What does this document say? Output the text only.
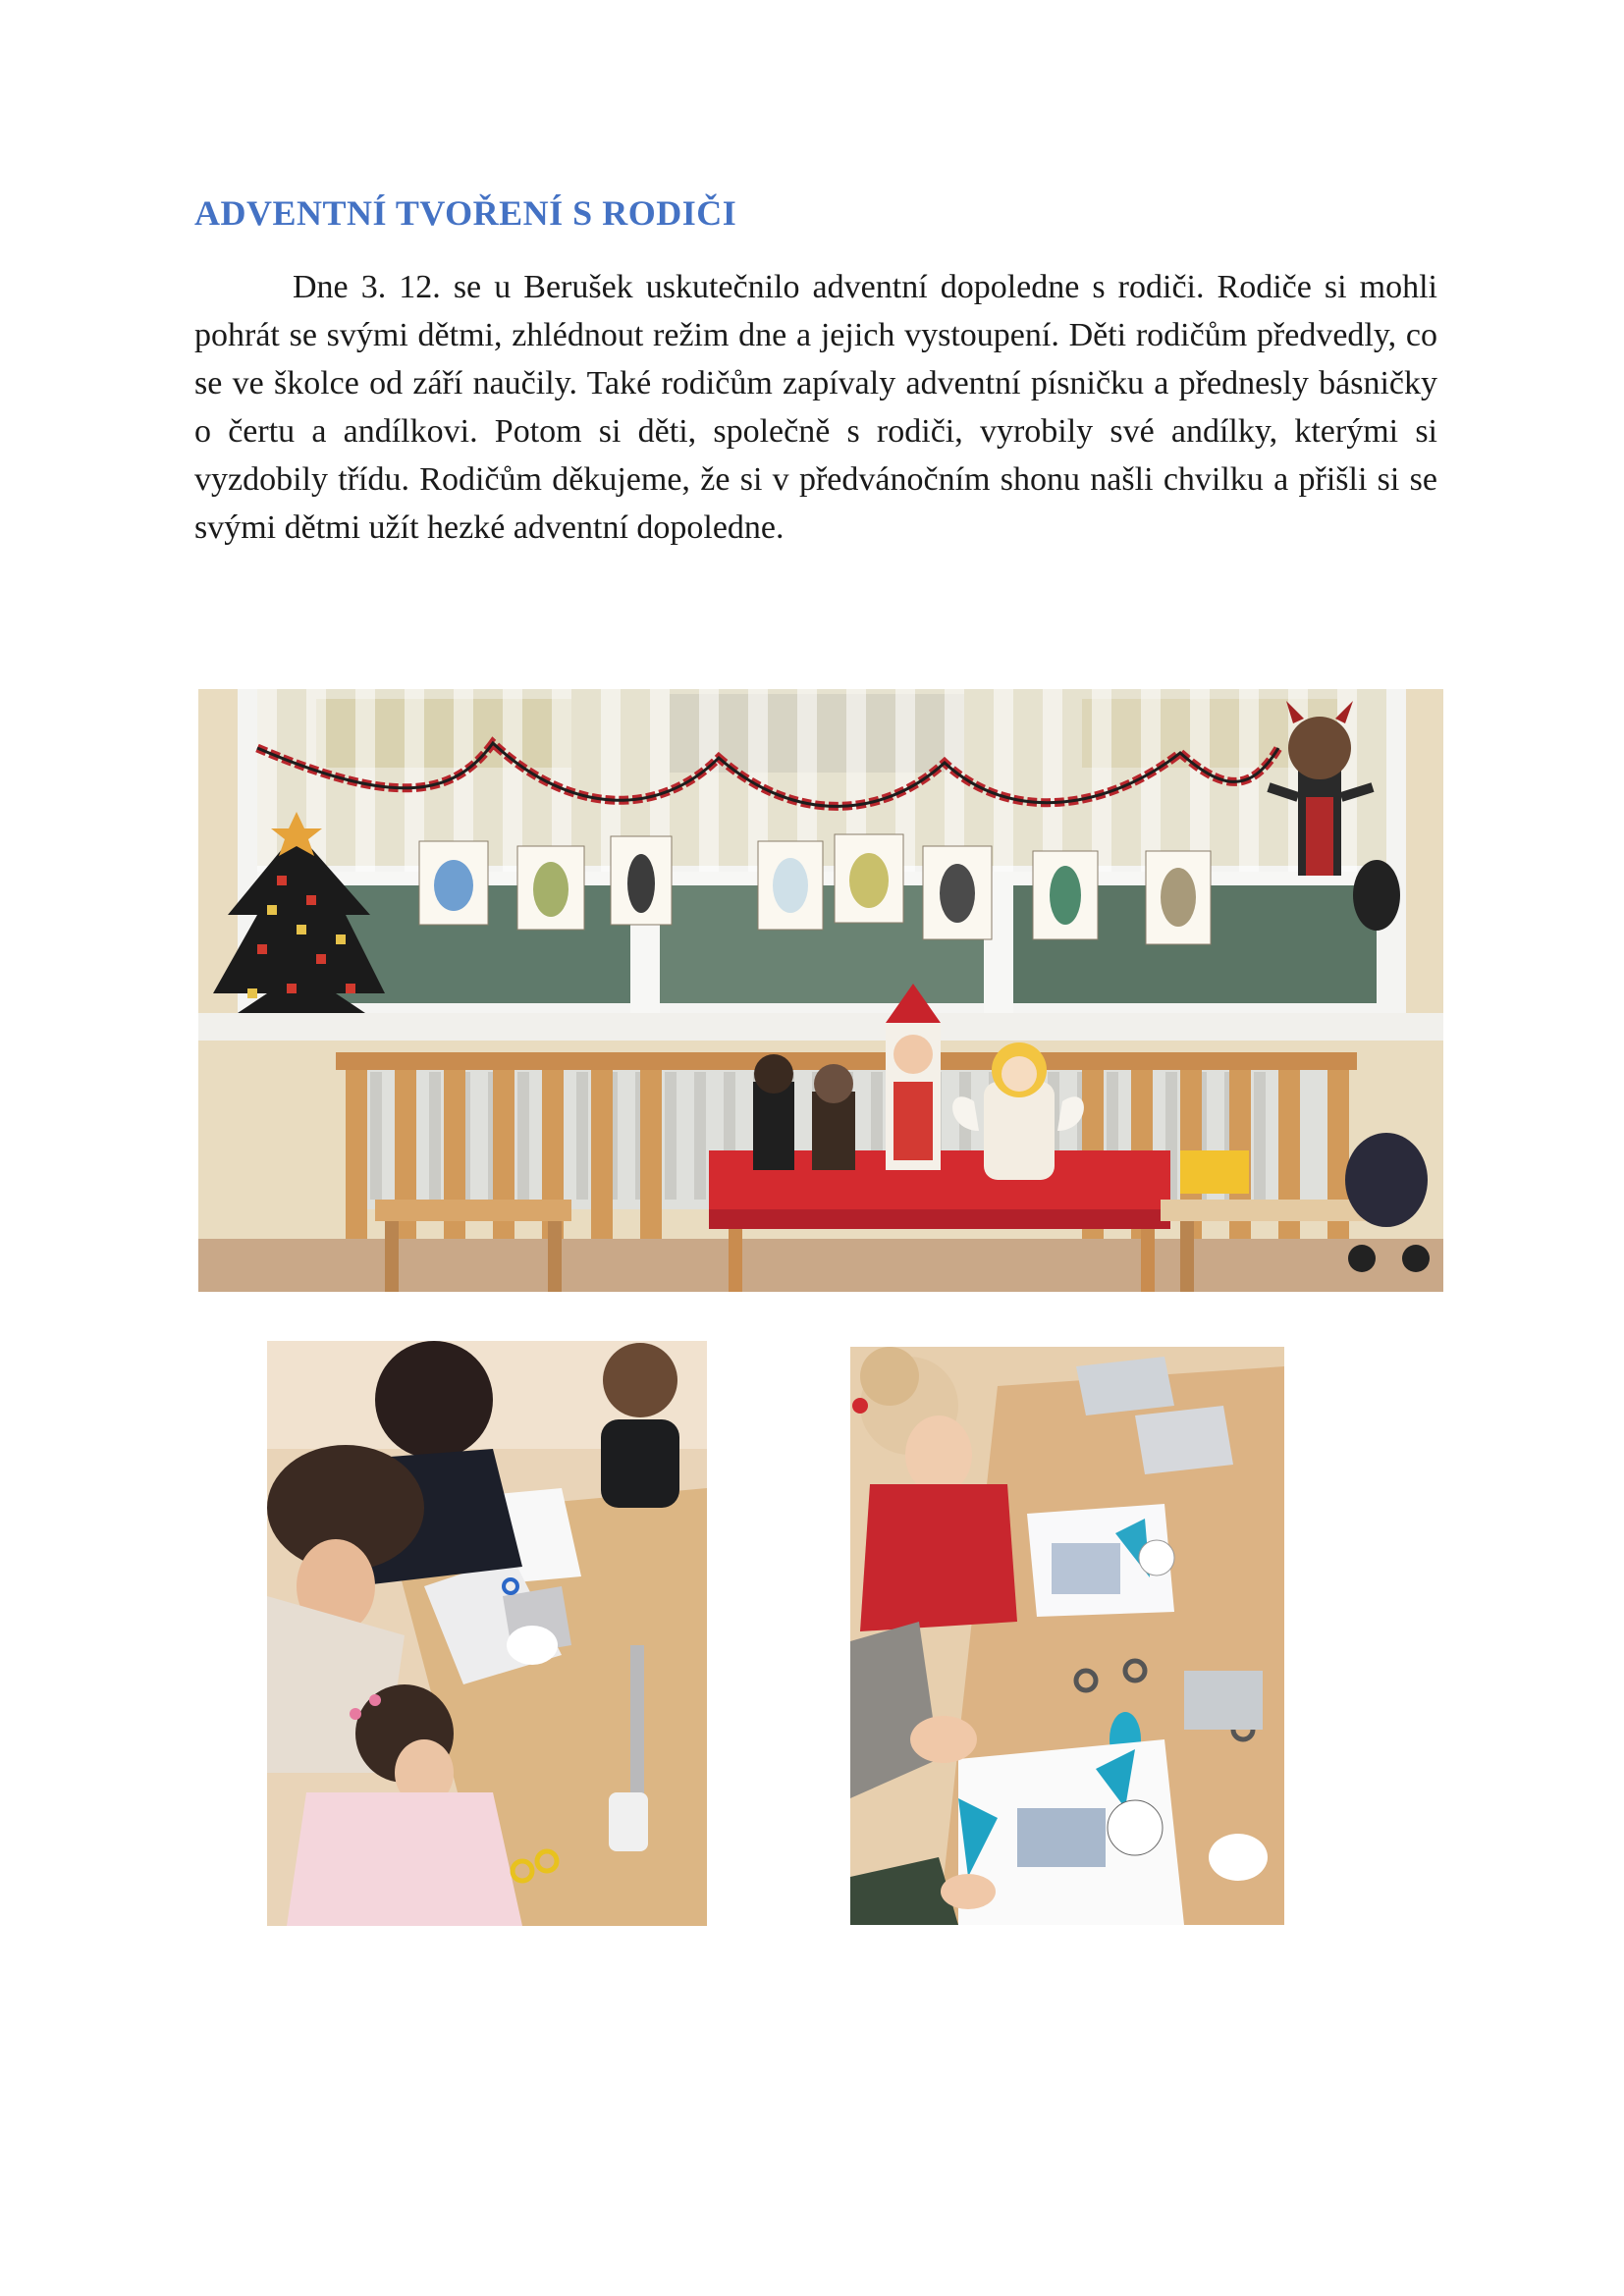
ADVENTNÍ TVOŘENÍ S RODIČI

Dne 3. 12. se u Berušek uskutečnilo adventní dopoledne s rodiči. Rodiče si mohli pohrát se svými dětmi, zhlédnout režim dne a jejich vystoupení. Děti rodičům předvedly, co se ve školce od září naučily. Také rodičům zapívaly adventní písničku a přednesly básničky o čertu a andílkovi. Potom si děti, společně s rodiči, vyrobily své andílky, kterými si vyzdobily třídu. Rodičům děkujeme, že si v předvánočním shonu našli chvilku a přišli si se svými dětmi užít hezké adventní dopoledne.
